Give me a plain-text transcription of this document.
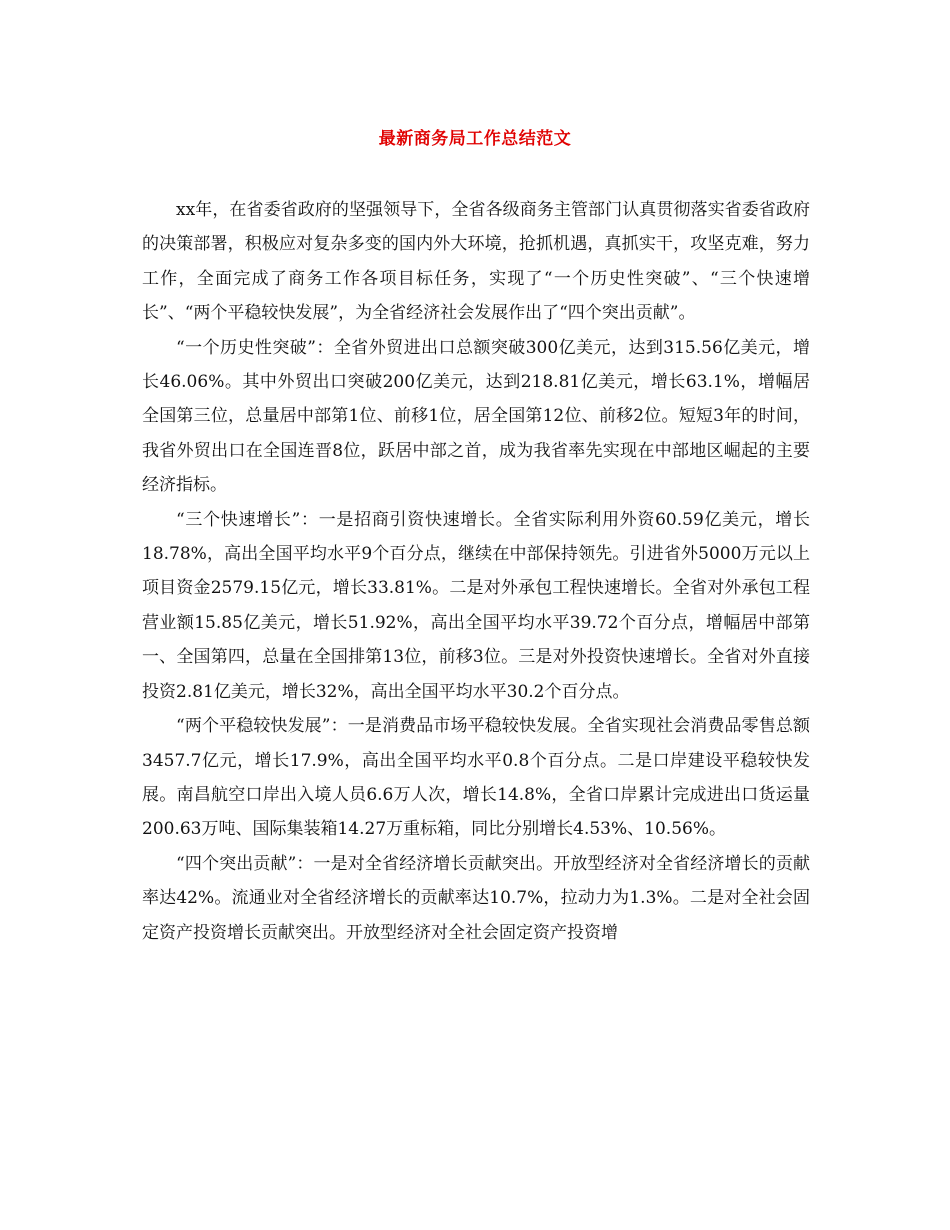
最新商务局工作总结范文

xx年，在省委省政府的坚强领导下，全省各级商务主管部门认真贯彻落实省委省政府的决策部署，积极应对复杂多变的国内外大环境，抢抓机遇，真抓实干，攻坚克难，努力工作，全面完成了商务工作各项目标任务，实现了“一个历史性突破”、“三个快速增长”、“两个平稳较快发展”，为全省经济社会发展作出了“四个突出贡献”。

“一个历史性突破”：全省外贸进出口总额突破300亿美元，达到315.56亿美元，增长46.06%。其中外贸出口突破200亿美元，达到218.81亿美元，增长63.1%，增幅居全国第三位，总量居中部第1位、前移1位，居全国第12位、前移2位。短短3年的时间，我省外贸出口在全国连晋8位，跃居中部之首，成为我省率先实现在中部地区崛起的主要经济指标。

“三个快速增长”：一是招商引资快速增长。全省实际利用外资60.59亿美元，增长18.78%，高出全国平均水平9个百分点，继续在中部保持领先。引进省外5000万元以上项目资金2579.15亿元，增长33.81%。二是对外承包工程快速增长。全省对外承包工程营业额15.85亿美元，增长51.92%，高出全国平均水平39.72个百分点，增幅居中部第一、全国第四，总量在全国排第13位，前移3位。三是对外投资快速增长。全省对外直接投资2.81亿美元，增长32%，高出全国平均水平30.2个百分点。

“两个平稳较快发展”：一是消费品市场平稳较快发展。全省实现社会消费品零售总额3457.7亿元，增长17.9%，高出全国平均水平0.8个百分点。二是口岸建设平稳较快发展。南昌航空口岸出入境人员6.6万人次，增长14.8%，全省口岸累计完成进出口货运量200.63万吨、国际集装箱14.27万重标箱，同比分别增长4.53%、10.56%。

“四个突出贡献”：一是对全省经济增长贡献突出。开放型经济对全省经济增长的贡献率达42%。流通业对全省经济增长的贡献率达10.7%，拉动力为1.3%。二是对全社会固定资产投资增长贡献突出。开放型经济对全社会固定资产投资增
